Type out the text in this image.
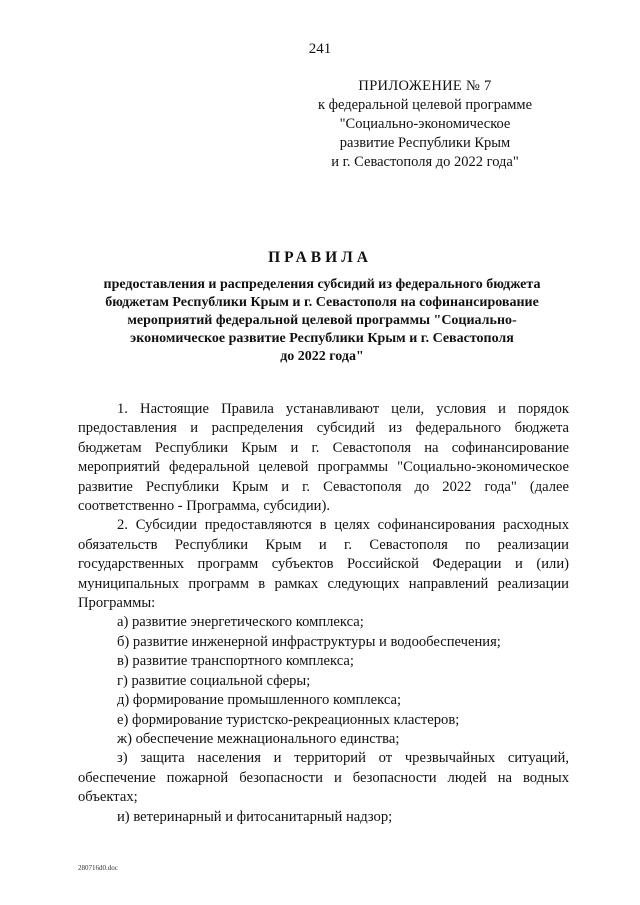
241
ПРИЛОЖЕНИЕ № 7
к федеральной целевой программе
"Социально-экономическое
развитие Республики Крым
и г. Севастополя до 2022 года"
ПРАВИЛА
предоставления и распределения субсидий из федерального бюджета
бюджетам Республики Крым и г. Севастополя на софинансирование
мероприятий федеральной целевой программы "Социально-
экономическое развитие Республики Крым и г. Севастополя
до 2022 года"

1. Настоящие Правила устанавливают цели, условия и порядок предоставления и распределения субсидий из федерального бюджета бюджетам Республики Крым и г. Севастополя на софинансирование мероприятий федеральной целевой программы "Социально-экономическое развитие Республики Крым и г. Севастополя до 2022 года" (далее соответственно - Программа, субсидии).

2. Субсидии предоставляются в целях софинансирования расходных обязательств Республики Крым и г. Севастополя по реализации государственных программ субъектов Российской Федерации и (или) муниципальных программ в рамках следующих направлений реализации Программы:

а) развитие энергетического комплекса;

б) развитие инженерной инфраструктуры и водообеспечения;

в) развитие транспортного комплекса;

г) развитие социальной сферы;

д) формирование промышленного комплекса;

е) формирование туристско-рекреационных кластеров;

ж) обеспечение межнационального единства;

з) защита населения и территорий от чрезвычайных ситуаций, обеспечение пожарной безопасности и безопасности людей на водных объектах;

и) ветеринарный и фитосанитарный надзор;

280716d0.doc
